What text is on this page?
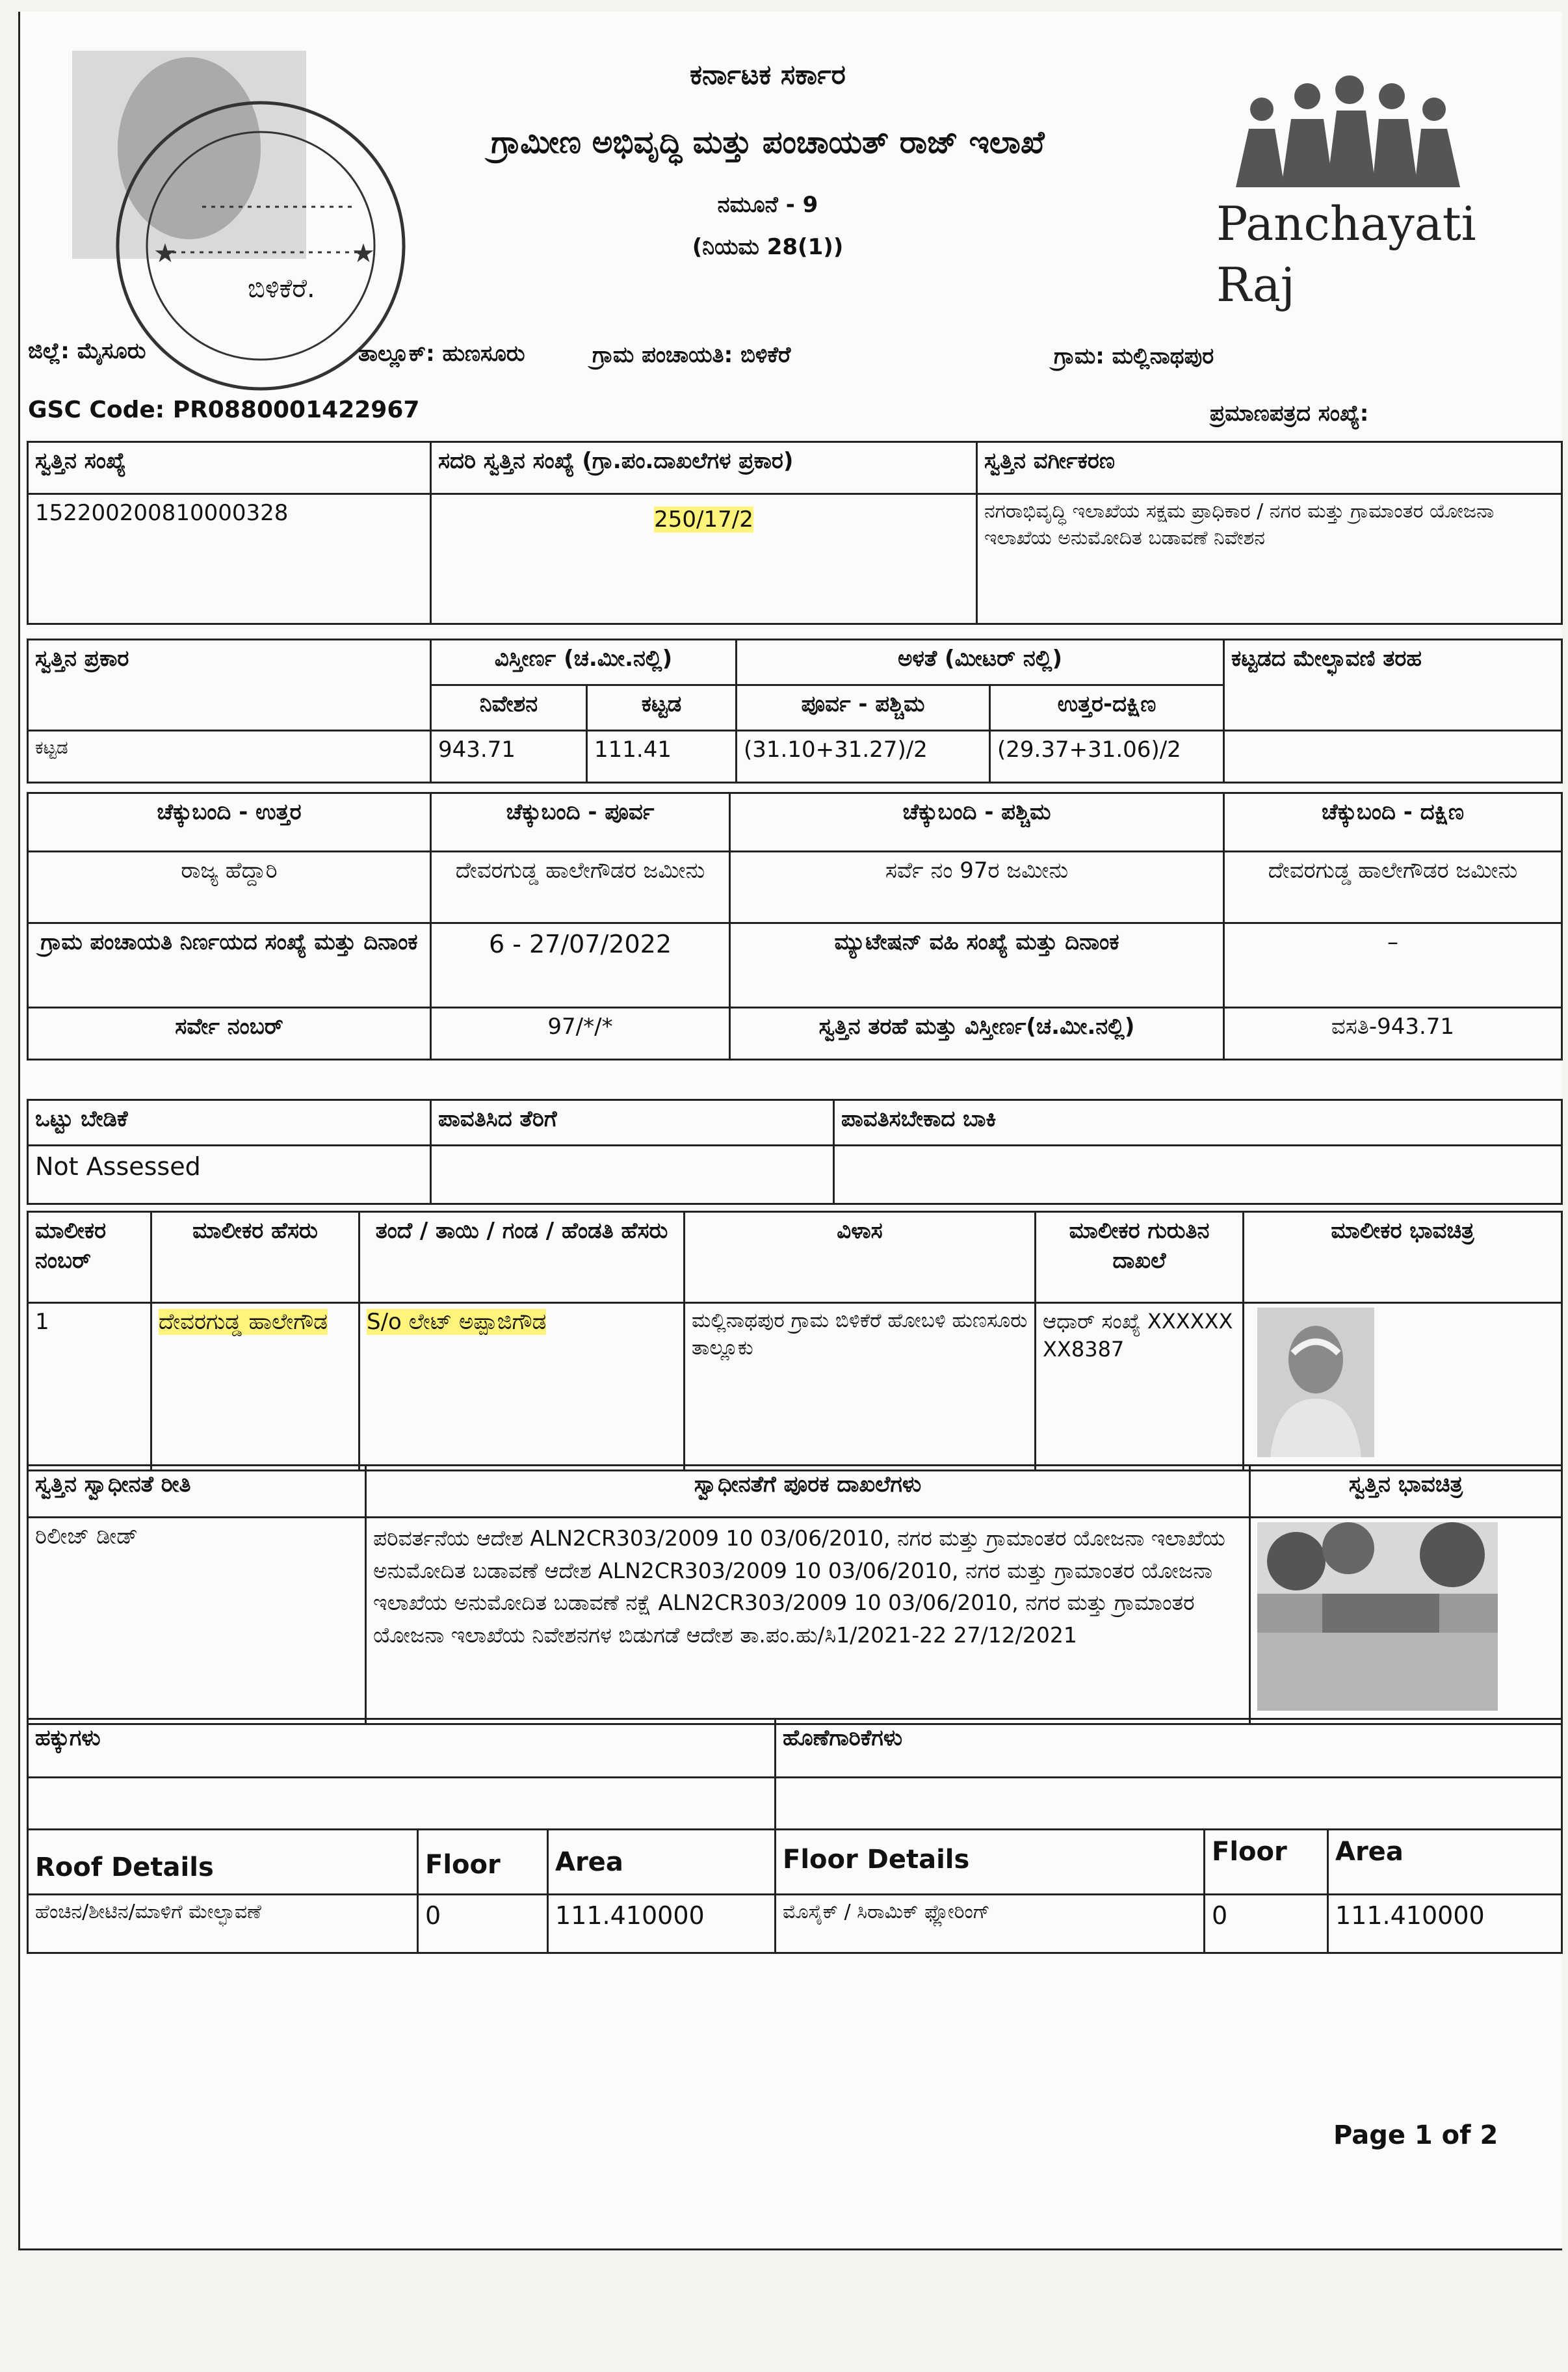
★	★
ಬಿಳಿಕೆರೆ.
ಕರ್ನಾಟಕ ಸರ್ಕಾರ
ಗ್ರಾಮೀಣ ಅಭಿವೃದ್ಧಿ ಮತ್ತು ಪಂಚಾಯತ್ ರಾಜ್ ಇಲಾಖೆ
ನಮೂನೆ - 9
(ನಿಯಮ 28(1))	Panchayati Raj
ಜಿಲ್ಲೆ: ಮೈಸೂರು	ತಾಲ್ಲೂಕ್: ಹುಣಸೂರು	ಗ್ರಾಮ ಪಂಚಾಯತಿ: ಬಿಳಿಕೆರೆ	ಗ್ರಾಮ: ಮಲ್ಲಿನಾಥಪುರ
GSC Code: PR0880001422967	ಪ್ರಮಾಣಪತ್ರದ ಸಂಖ್ಯೆ:
ಸ್ವತ್ತಿನ ಸಂಖ್ಯೆ	ಸದರಿ ಸ್ವತ್ತಿನ ಸಂಖ್ಯೆ (ಗ್ರಾ.ಪಂ.ದಾಖಲೆಗಳ ಪ್ರಕಾರ)	ಸ್ವತ್ತಿನ ವರ್ಗೀಕರಣ
152200200810000328	250/17/2	ನಗರಾಭಿವೃದ್ಧಿ ಇಲಾಖೆಯ ಸಕ್ಷಮ ಪ್ರಾಧಿಕಾರ / ನಗರ ಮತ್ತು ಗ್ರಾಮಾಂತರ ಯೋಜನಾ ಇಲಾಖೆಯ ಅನುಮೋದಿತ ಬಡಾವಣೆ ನಿವೇಶನ
ಸ್ವತ್ತಿನ ಪ್ರಕಾರ	ವಿಸ್ತೀರ್ಣ (ಚ.ಮೀ.ನಲ್ಲಿ)		ಅಳತೆ (ಮೀಟರ್ ನಲ್ಲಿ)		ಕಟ್ಟಡದ ಮೇಲ್ಛಾವಣಿ ತರಹ
	ನಿವೇಶನ	ಕಟ್ಟಡ	ಪೂರ್ವ - ಪಶ್ಚಿಮ	ಉತ್ತರ-ದಕ್ಷಿಣ	
ಕಟ್ಟಡ	943.71	111.41	(31.10+31.27)/2	(29.37+31.06)/2	
ಚೆಕ್ಕುಬಂದಿ - ಉತ್ತರ	ಚೆಕ್ಕುಬಂದಿ - ಪೂರ್ವ	ಚೆಕ್ಕುಬಂದಿ - ಪಶ್ಚಿಮ	ಚೆಕ್ಕುಬಂದಿ - ದಕ್ಷಿಣ
ರಾಜ್ಯ ಹೆದ್ದಾರಿ	ದೇವರಗುಡ್ಡ ಹಾಲೇಗೌಡರ ಜಮೀನು	ಸರ್ವೆ ನಂ 97ರ ಜಮೀನು	ದೇವರಗುಡ್ಡ ಹಾಲೇಗೌಡರ ಜಮೀನು
ಗ್ರಾಮ ಪಂಚಾಯತಿ ನಿರ್ಣಯದ ಸಂಖ್ಯೆ ಮತ್ತು ದಿನಾಂಕ	6 - 27/07/2022	ಮ್ಯುಟೇಷನ್ ವಹಿ ಸಂಖ್ಯೆ ಮತ್ತು ದಿನಾಂಕ	–
ಸರ್ವೇ ನಂಬರ್	97/*/*	ಸ್ವತ್ತಿನ ತರಹೆ ಮತ್ತು ವಿಸ್ತೀರ್ಣ(ಚ.ಮೀ.ನಲ್ಲಿ)	ವಸತಿ-943.71
ಒಟ್ಟು ಬೇಡಿಕೆ	ಪಾವತಿಸಿದ ತೆರಿಗೆ	ಪಾವತಿಸಬೇಕಾದ ಬಾಕಿ
Not Assessed		
ಮಾಲೀಕರ ನಂಬರ್	ಮಾಲೀಕರ ಹೆಸರು	ತಂದೆ / ತಾಯಿ / ಗಂಡ / ಹೆಂಡತಿ ಹೆಸರು	ವಿಳಾಸ	ಮಾಲೀಕರ ಗುರುತಿನ ದಾಖಲೆ	ಮಾಲೀಕರ ಭಾವಚಿತ್ರ
1	ದೇವರಗುಡ್ಡ ಹಾಲೇಗೌಡ	S/o ಲೇಟ್ ಅಪ್ಪಾಜಿಗೌಡ	ಮಲ್ಲಿನಾಥಪುರ ಗ್ರಾಮ ಬಿಳಿಕೆರೆ ಹೋಬಳಿ ಹುಣಸೂರು ತಾಲ್ಲೂಕು	ಆಧಾರ್ ಸಂಖ್ಯೆ XXXXXXXX8387	
ಸ್ವತ್ತಿನ ಸ್ವಾಧೀನತೆ ರೀತಿ	ಸ್ವಾಧೀನತೆಗೆ ಪೂರಕ ದಾಖಲೆಗಳು	ಸ್ವತ್ತಿನ ಭಾವಚಿತ್ರ
ರಿಲೀಜ್ ಡೀಡ್	ಪರಿವರ್ತನೆಯ ಆದೇಶ ALN2CR303/2009 10 03/06/2010, ನಗರ ಮತ್ತು ಗ್ರಾಮಾಂತರ ಯೋಜನಾ ಇಲಾಖೆಯ ಅನುಮೋದಿತ ಬಡಾವಣೆ ಆದೇಶ ALN2CR303/2009 10 03/06/2010, ನಗರ ಮತ್ತು ಗ್ರಾಮಾಂತರ ಯೋಜನಾ ಇಲಾಖೆಯ ಅನುಮೋದಿತ ಬಡಾವಣೆ ನಕ್ಷೆ ALN2CR303/2009 10 03/06/2010, ನಗರ ಮತ್ತು ಗ್ರಾಮಾಂತರ ಯೋಜನಾ ಇಲಾಖೆಯ ನಿವೇಶನಗಳ ಬಿಡುಗಡೆ ಆದೇಶ ತಾ.ಪಂ.ಹು/ಸಿ1/2021-22 27/12/2021	
ಹಕ್ಕುಗಳು	ಹೊಣೆಗಾರಿಕೆಗಳು

Roof Details	Floor	Area	Floor Details	Floor	Area
ಹೆಂಚಿನ/ಶೀಟಿನ/ಮಾಳಿಗೆ ಮೇಲ್ಛಾವಣೆ	0	111.410000	ಮೊಸೈಕ್ / ಸಿರಾಮಿಕ್ ಫ್ಲೋರಿಂಗ್	0	111.410000
Page 1 of 2
